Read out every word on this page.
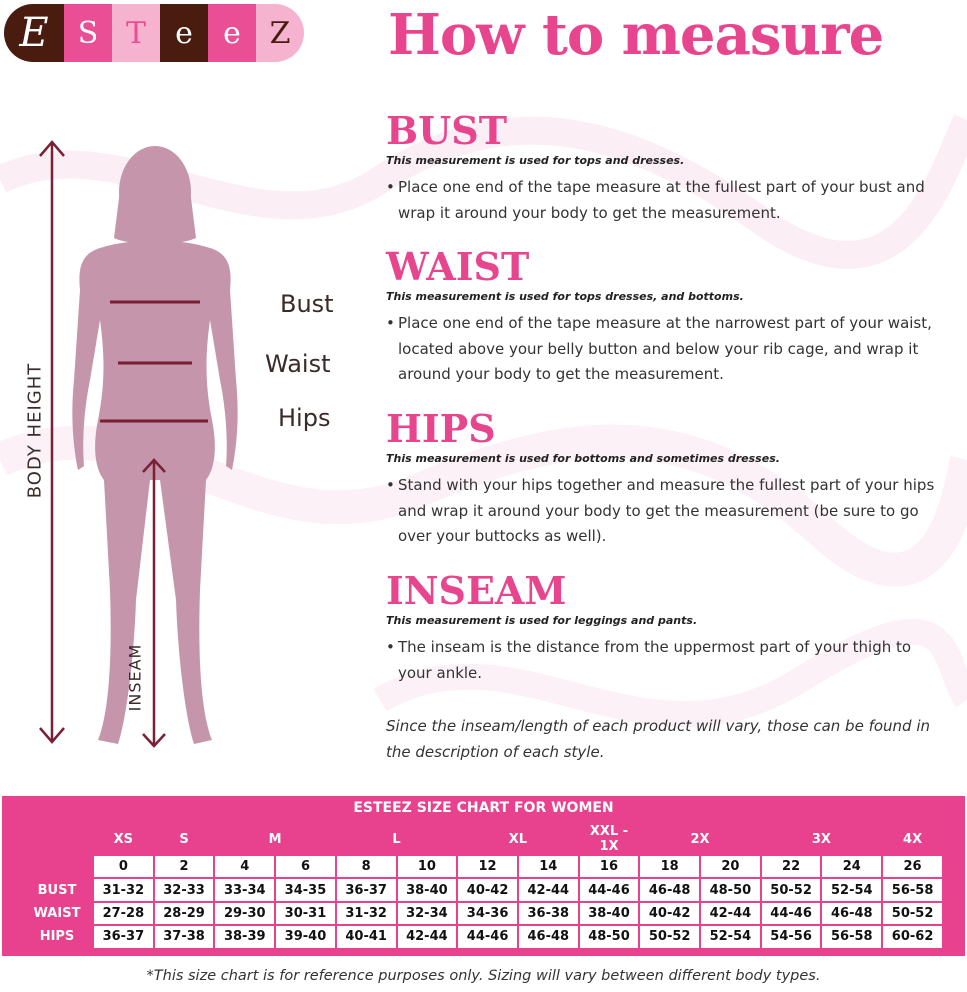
E S T e e Z How to measure
BODY HEIGHT
INSEAM
Bust
Waist
Hips
BUST
This measurement is used for tops and dresses.
• Place one end of the tape measure at the fullest part of your bust and wrap it around your body to get the measurement.
WAIST
This measurement is used for tops dresses, and bottoms.
• Place one end of the tape measure at the narrowest part of your waist, located above your belly button and below your rib cage, and wrap it around your body to get the measurement.
HIPS
This measurement is used for bottoms and sometimes dresses.
• Stand with your hips together and measure the fullest part of your hips and wrap it around your body to get the measurement (be sure to go over your buttocks as well).
INSEAM
This measurement is used for leggings and pants.
• The inseam is the distance from the uppermost part of your thigh to your ankle.
Since the inseam/length of each product will vary, those can be found in the description of each style.
ESTEEZ SIZE CHART FOR WOMEN
	XS	S	M		L		XL		XXL - 1X	2X		3X		4X
	0	2	4	6	8	10	12	14	16	18	20	22	24	26
BUST	31-32	32-33	33-34	34-35	36-37	38-40	40-42	42-44	44-46	46-48	48-50	50-52	52-54	56-58
WAIST	27-28	28-29	29-30	30-31	31-32	32-34	34-36	36-38	38-40	40-42	42-44	44-46	46-48	50-52
HIPS	36-37	37-38	38-39	39-40	40-41	42-44	44-46	46-48	48-50	50-52	52-54	54-56	56-58	60-62
*This size chart is for reference purposes only. Sizing will vary between different body types.
